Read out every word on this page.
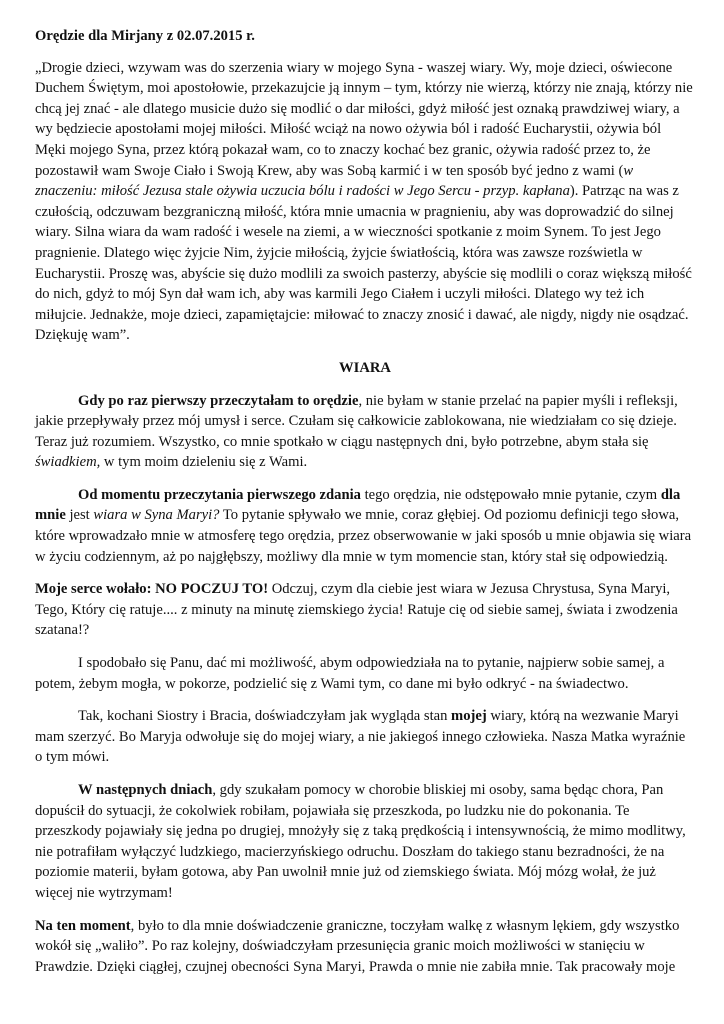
Orędzie dla Mirjany z 02.07.2015 r.

„Drogie dzieci, wzywam was do szerzenia wiary w mojego Syna - waszej wiary. Wy, moje dzieci, oświecone Duchem Świętym, moi apostołowie, przekazujcie ją innym – tym, którzy nie wierzą, którzy nie znają, którzy nie chcą jej znać - ale dlatego musicie dużo się modlić o dar miłości, gdyż miłość jest oznaką prawdziwej wiary, a wy będziecie apostołami mojej miłości. Miłość wciąż na nowo ożywia ból i radość Eucharystii, ożywia ból Męki mojego Syna, przez którą pokazał wam, co to znaczy kochać bez granic, ożywia radość przez to, że pozostawił wam Swoje Ciało i Swoją Krew, aby was Sobą karmić i w ten sposób być jedno z wami (w znaczeniu: miłość Jezusa stale ożywia uczucia bólu i radości w Jego Sercu - przyp. kapłana). Patrząc na was z czułością, odczuwam bezgraniczną miłość, która mnie umacnia w pragnieniu, aby was doprowadzić do silnej wiary. Silna wiara da wam radość i wesele na ziemi, a w wieczności spotkanie z moim Synem. To jest Jego pragnienie. Dlatego więc żyjcie Nim, żyjcie miłością, żyjcie światłością, która was zawsze rozświetla w Eucharystii. Proszę was, abyście się dużo modlili za swoich pasterzy, abyście się modlili o coraz większą miłość do nich, gdyż to mój Syn dał wam ich, aby was karmili Jego Ciałem i uczyli miłości. Dlatego wy też ich miłujcie. Jednakże, moje dzieci, zapamiętajcie: miłować to znaczy znosić i dawać, ale nigdy, nigdy nie osądzać. Dziękuję wam”.

WIARA

Gdy po raz pierwszy przeczytałam to orędzie, nie byłam w stanie przelać na papier myśli i refleksji, jakie przepływały przez mój umysł i serce. Czułam się całkowicie zablokowana, nie wiedziałam co się dzieje. Teraz już rozumiem. Wszystko, co mnie spotkało w ciągu następnych dni, było potrzebne, abym stała się świadkiem, w tym moim dzieleniu się z Wami.

Od momentu przeczytania pierwszego zdania tego orędzia, nie odstępowało mnie pytanie, czym dla mnie jest wiara w Syna Maryi? To pytanie spływało we mnie, coraz głębiej. Od poziomu definicji tego słowa, które wprowadzało mnie w atmosferę tego orędzia, przez obserwowanie w jaki sposób u mnie objawia się wiara w życiu codziennym, aż po najgłębszy, możliwy dla mnie w tym momencie stan, który stał się odpowiedzią.

Moje serce wołało: NO POCZUJ TO! Odczuj, czym dla ciebie jest wiara w Jezusa Chrystusa, Syna Maryi, Tego, Który cię ratuje.... z minuty na minutę ziemskiego życia! Ratuje cię od siebie samej, świata i zwodzenia szatana!?

I spodobało się Panu, dać mi możliwość, abym odpowiedziała na to pytanie, najpierw sobie samej, a potem, żebym mogła, w pokorze, podzielić się z Wami tym, co dane mi było odkryć - na świadectwo.

Tak, kochani Siostry i Bracia, doświadczyłam jak wygląda stan mojej wiary, którą na wezwanie Maryi mam szerzyć. Bo Maryja odwołuje się do mojej wiary, a nie jakiegoś innego człowieka. Nasza Matka wyraźnie o tym mówi.

W następnych dniach, gdy szukałam pomocy w chorobie bliskiej mi osoby, sama będąc chora, Pan dopuścił do sytuacji, że cokolwiek robiłam, pojawiała się przeszkoda, po ludzku nie do pokonania. Te przeszkody pojawiały się jedna po drugiej, mnożyły się z taką prędkością i intensywnością, że mimo modlitwy, nie potrafiłam wyłączyć ludzkiego, macierzyńskiego odruchu. Doszłam do takiego stanu bezradności, że na poziomie materii, byłam gotowa, aby Pan uwolnił mnie już od ziemskiego świata. Mój mózg wołał, że już więcej nie wytrzymam!

Na ten moment, było to dla mnie doświadczenie graniczne, toczyłam walkę z własnym lękiem, gdy wszystko wokół się „waliło”. Po raz kolejny, doświadczyłam przesunięcia granic moich możliwości w stanięciu w Prawdzie. Dzięki ciągłej, czujnej obecności Syna Maryi, Prawda o mnie nie zabiła mnie. Tak pracowały moje
